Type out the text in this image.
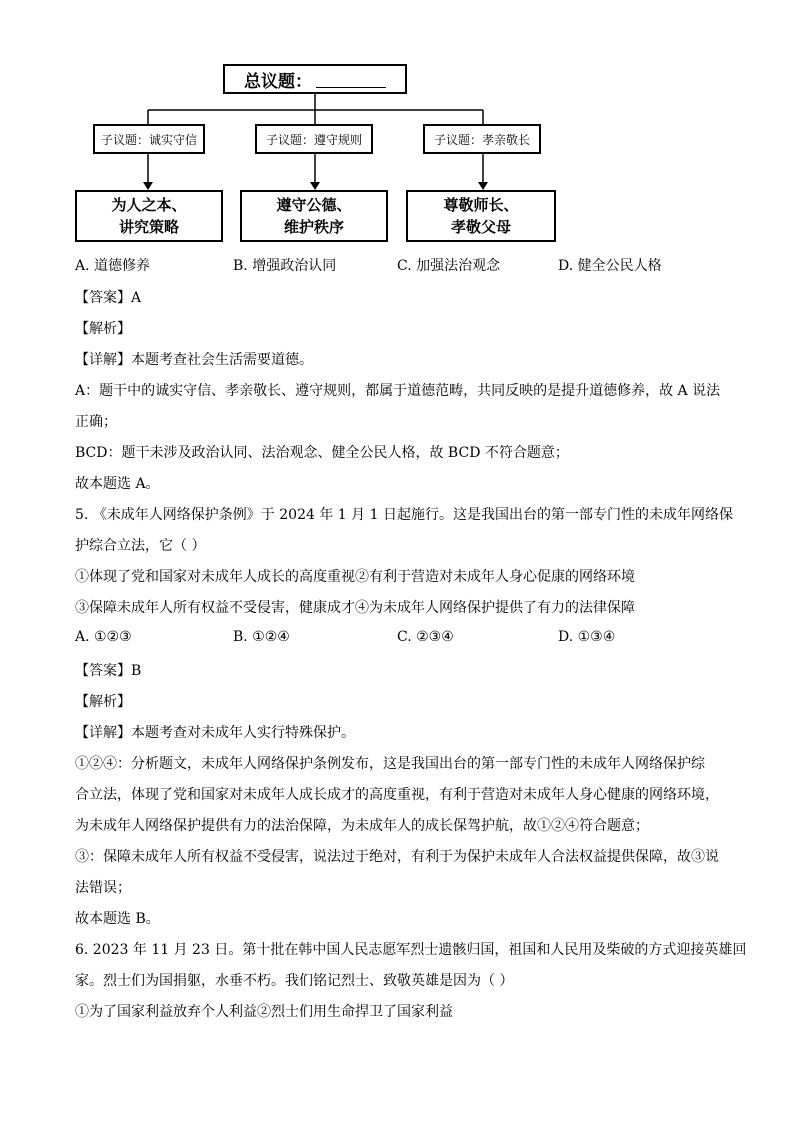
总议题：
子议题：诚实守信	子议题：遵守规则	子议题：孝亲敬长
为人之本、
讲究策略
遵守公德、
维护秩序
尊敬师长、
孝敬父母
A. 道德修养	B. 增强政治认同	C. 加强法治观念	D. 健全公民人格
【答案】A
【解析】
【详解】本题考查社会生活需要道德。
A：题干中的诚实守信、孝亲敬长、遵守规则，都属于道德范畴，共同反映的是提升道德修养，故 A 说法
正确；
BCD：题干未涉及政治认同、法治观念、健全公民人格，故 BCD 不符合题意；
故本题选 A。
5. 《未成年人网络保护条例》于 2024 年 1 月 1 日起施行。这是我国出台的第一部专门性的未成年网络保
护综合立法，它（ ）
①体现了党和国家对未成年人成长的高度重视②有利于营造对未成年人身心促康的网络环境
③保障未成年人所有权益不受侵害，健康成才④为未成年人网络保护提供了有力的法律保障
A. ①②③	B. ①②④	C. ②③④	D. ①③④
【答案】B
【解析】
【详解】本题考查对未成年人实行特殊保护。
①②④：分析题文，未成年人网络保护条例发布，这是我国出台的第一部专门性的未成年人网络保护综
合立法，体现了党和国家对未成年人成长成才的高度重视，有利于营造对未成年人身心健康的网络环境，
为未成年人网络保护提供有力的法治保障，为未成年人的成长保驾护航，故①②④符合题意；
③：保障未成年人所有权益不受侵害，说法过于绝对，有利于为保护未成年人合法权益提供保障，故③说
法错误；
故本题选 B。
6. 2023 年 11 月 23 日。第十批在韩中国人民志愿军烈士遗骸归国，祖国和人民用及柴破的方式迎接英雄回
家。烈士们为国捐躯，水垂不朽。我们铭记烈士、致敬英雄是因为（ ）
①为了国家利益放弃个人利益②烈士们用生命捍卫了国家利益
